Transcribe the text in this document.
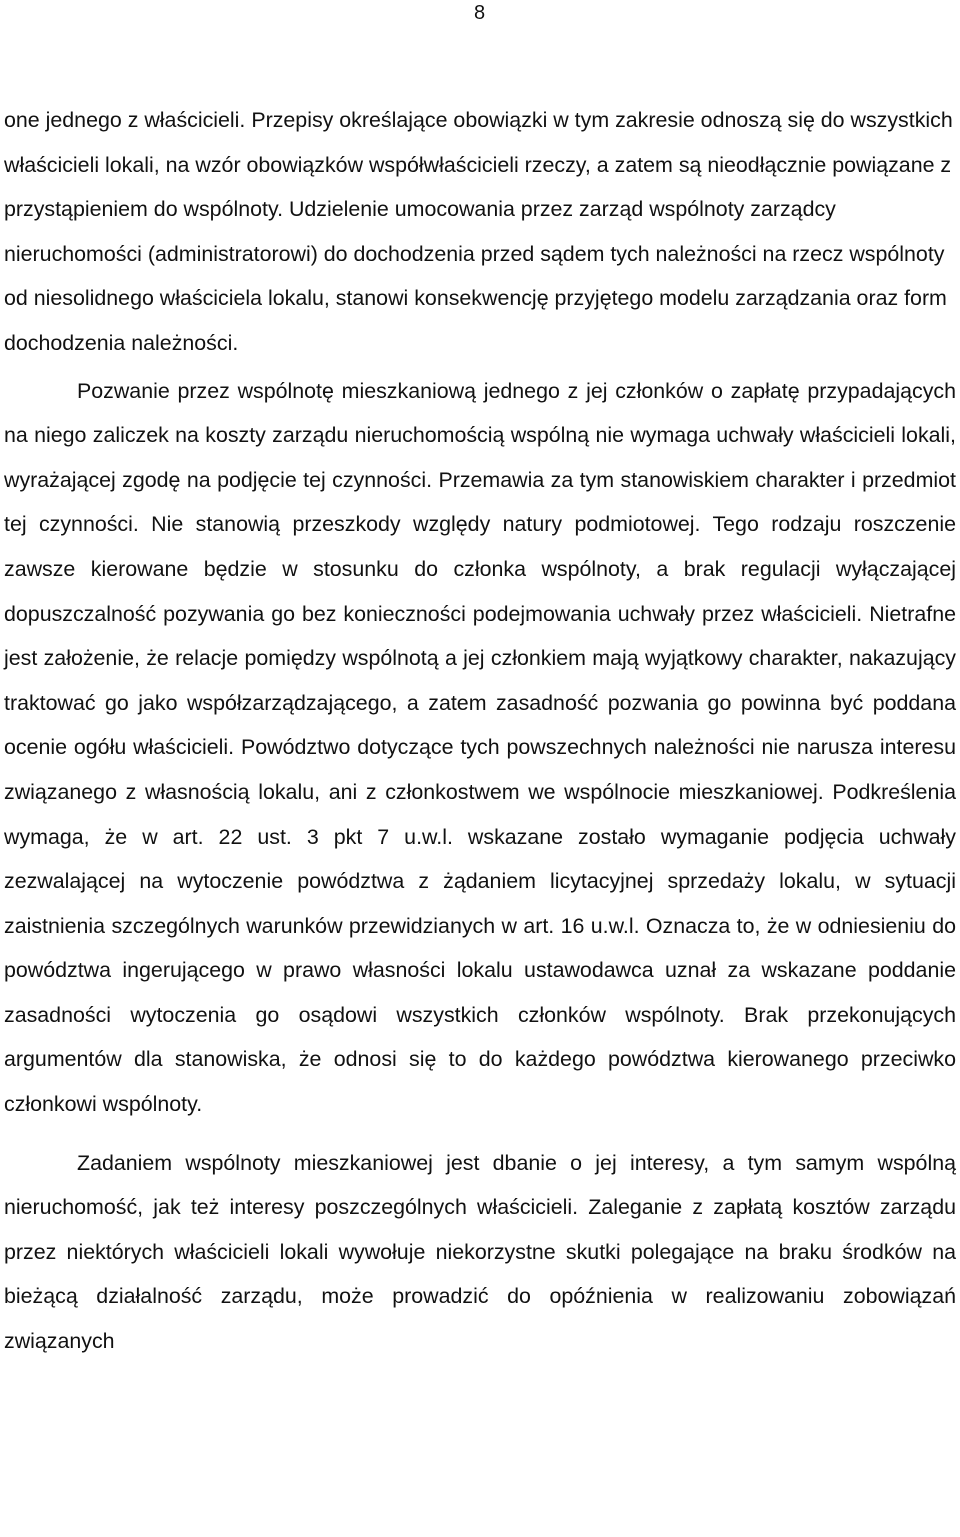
8

one jednego z właścicieli. Przepisy określające obowiązki w tym zakresie odnoszą się do wszystkich właścicieli lokali, na wzór obowiązków współwłaścicieli rzeczy, a zatem są nieodłącznie powiązane z przystąpieniem do wspólnoty. Udzielenie umocowania przez zarząd wspólnoty zarządcy nieruchomości (administratorowi) do dochodzenia przed sądem tych należności na rzecz wspólnoty od niesolidnego właściciela lokalu, stanowi konsekwencję przyjętego modelu zarządzania oraz form dochodzenia należności.

Pozwanie przez wspólnotę mieszkaniową jednego z jej członków o zapłatę przypadających na niego zaliczek na koszty zarządu nieruchomością wspólną nie wymaga uchwały właścicieli lokali, wyrażającej zgodę na podjęcie tej czynności. Przemawia za tym stanowiskiem charakter i przedmiot tej czynności. Nie stanowią przeszkody względy natury podmiotowej. Tego rodzaju roszczenie zawsze kierowane będzie w stosunku do członka wspólnoty, a brak regulacji wyłączającej dopuszczalność pozywania go bez konieczności podejmowania uchwały przez właścicieli. Nietrafne jest założenie, że relacje pomiędzy wspólnotą a jej członkiem mają wyjątkowy charakter, nakazujący traktować go jako współzarządzającego, a zatem zasadność pozwania go powinna być poddana ocenie ogółu właścicieli. Powództwo dotyczące tych powszechnych należności nie narusza interesu związanego z własnością lokalu, ani z członkostwem we wspólnocie mieszkaniowej. Podkreślenia wymaga, że w art. 22 ust. 3 pkt 7 u.w.l. wskazane zostało wymaganie podjęcia uchwały zezwalającej na wytoczenie powództwa z żądaniem licytacyjnej sprzedaży lokalu, w sytuacji zaistnienia szczególnych warunków przewidzianych w art. 16 u.w.l. Oznacza to, że w odniesieniu do powództwa ingerującego w prawo własności lokalu ustawodawca uznał za wskazane poddanie zasadności wytoczenia go osądowi wszystkich członków wspólnoty. Brak przekonujących argumentów dla stanowiska, że odnosi się to do każdego powództwa kierowanego przeciwko członkowi wspólnoty.

Zadaniem wspólnoty mieszkaniowej jest dbanie o jej interesy, a tym samym wspólną nieruchomość, jak też interesy poszczególnych właścicieli. Zaleganie z zapłatą kosztów zarządu przez niektórych właścicieli lokali wywołuje niekorzystne skutki polegające na braku środków na bieżącą działalność zarządu, może prowadzić do opóźnienia w realizowaniu zobowiązań związanych
